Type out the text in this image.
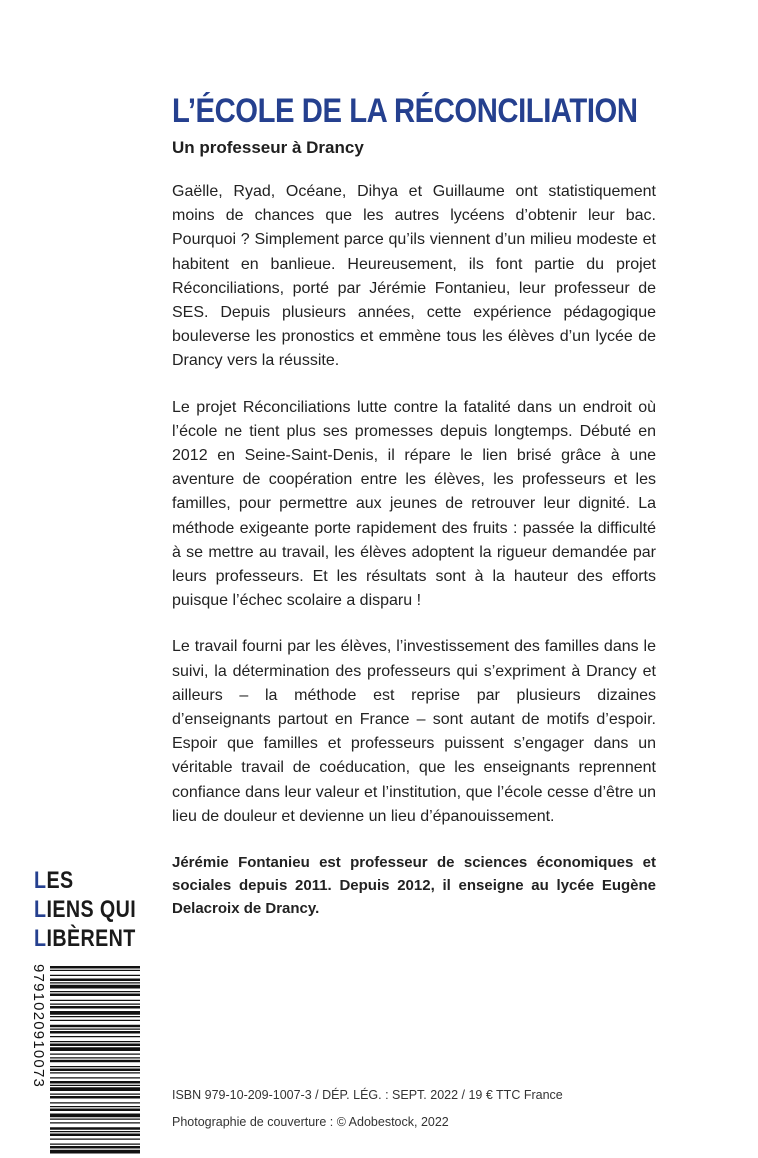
L’ÉCOLE DE LA RÉCONCILIATION
Un professeur à Drancy

Gaëlle, Ryad, Océane, Dihya et Guillaume ont statistiquement moins de chances que les autres lycéens d’obtenir leur bac. Pourquoi ? Simplement parce qu’ils viennent d’un milieu modeste et habitent en banlieue. Heureusement, ils font partie du projet Réconciliations, porté par Jérémie Fontanieu, leur professeur de SES. Depuis plusieurs années, cette expérience pédagogique bouleverse les pronostics et emmène tous les élèves d’un lycée de Drancy vers la réussite.

Le projet Réconciliations lutte contre la fatalité dans un endroit où l’école ne tient plus ses promesses depuis longtemps. Débuté en 2012 en Seine-Saint-Denis, il répare le lien brisé grâce à une aventure de coopération entre les élèves, les professeurs et les familles, pour permettre aux jeunes de retrouver leur dignité. La méthode exigeante porte rapidement des fruits : passée la difficulté à se mettre au travail, les élèves adoptent la rigueur demandée par leurs professeurs. Et les résultats sont à la hauteur des efforts puisque l’échec scolaire a disparu !

Le travail fourni par les élèves, l’investissement des familles dans le suivi, la détermination des professeurs qui s’expriment à Drancy et ailleurs – la méthode est reprise par plusieurs dizaines d’enseignants partout en France – sont autant de motifs d’espoir. Espoir que familles et professeurs puissent s’engager dans un véritable travail de coéducation, que les enseignants reprennent confiance dans leur valeur et l’institution, que l’école cesse d’être un lieu de douleur et devienne un lieu d’épanouissement.

Jérémie Fontanieu est professeur de sciences économiques et sociales depuis 2011. Depuis 2012, il enseigne au lycée Eugène Delacroix de Drancy.

LES
LIENS QUI
LIBÈRENT
9791020910073
ISBN 979-10-209-1007-3 / DÉP. LÉG. : SEPT. 2022 / 19 € TTC France
Photographie de couverture : © Adobestock, 2022
